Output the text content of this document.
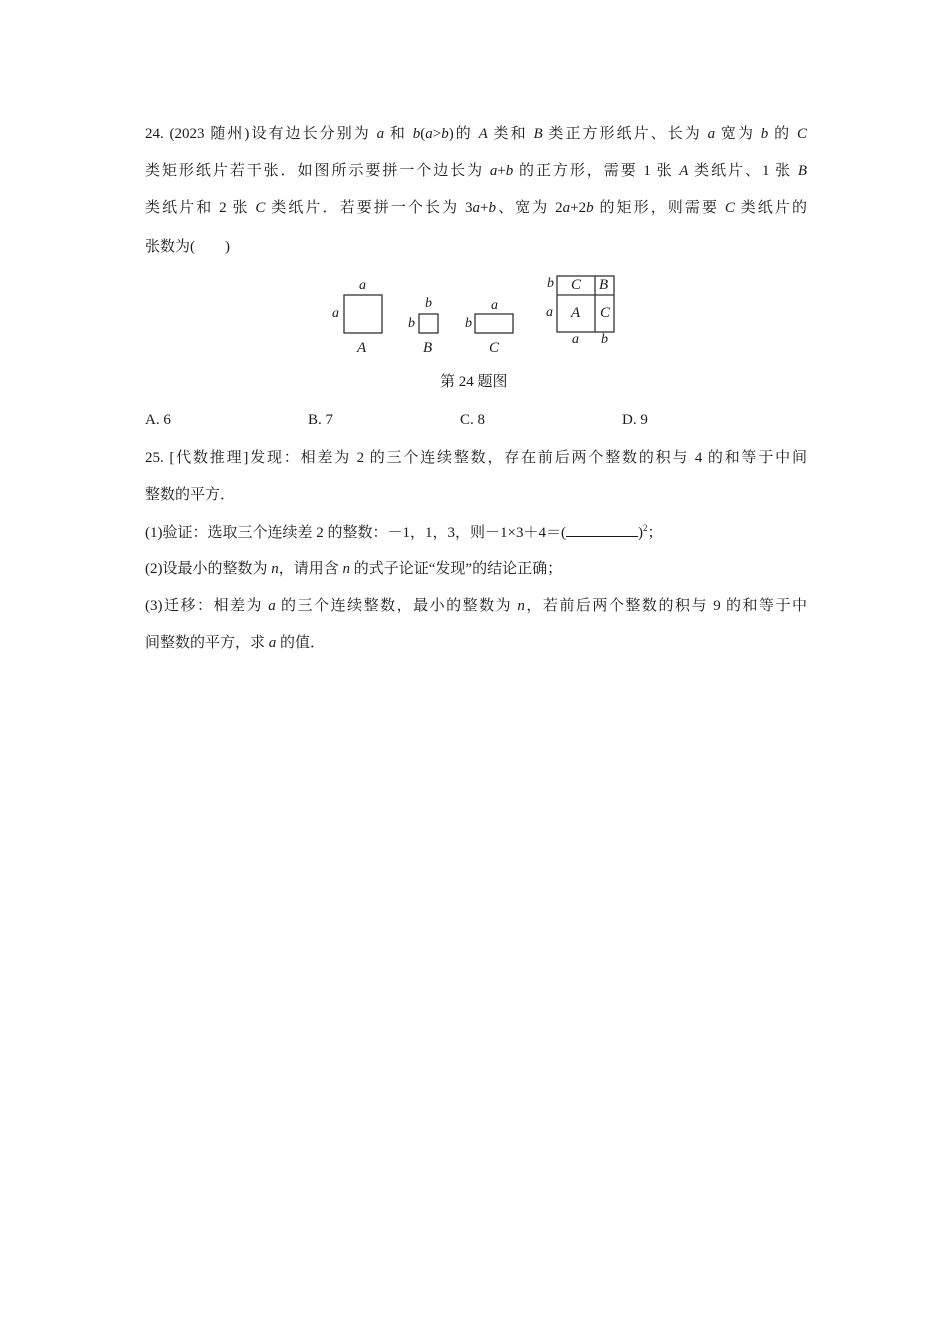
24. (2023 随州)设有边长分别为 a 和 b(a>b)的 A 类和 B 类正方形纸片、长为 a 宽为 b 的 C
类矩形纸片若干张．如图所示要拼一个边长为 a+b 的正方形，需要 1 张 A 类纸片、1 张 B
类纸片和 2 张 C 类纸片．若要拼一个长为 3a+b、宽为 2a+2b 的矩形，则需要 C 类纸片的
张数为(　　)
a
a
A
b
b
B
a
b
C
b
a
C B
A C
a b
第 24 题图
A. 6	B. 7	C. 8	D. 9
25. [代数推理]发现：相差为 2 的三个连续整数，存在前后两个整数的积与 4 的和等于中间
整数的平方．
(1)验证：选取三个连续差 2 的整数：－1，1，3，则－1×3＋4＝(	)$^2$；
(2)设最小的整数为 n，请用含 n 的式子论证“发现”的结论正确；
(3)迁移：相差为 a 的三个连续整数，最小的整数为 n，若前后两个整数的积与 9 的和等于中
间整数的平方，求 a 的值．
